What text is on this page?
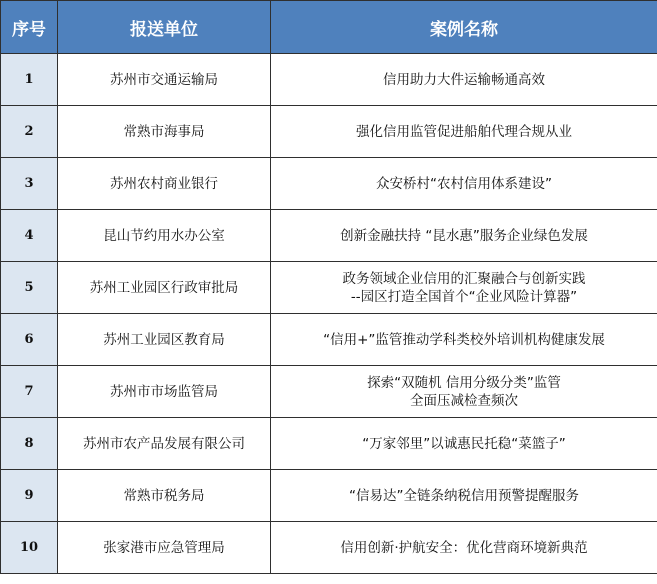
序号	报送单位	案例名称
1	苏州市交通运输局	信用助力大件运输畅通高效

2	常熟市海事局	强化信用监管促进船舶代理合规从业

3	苏州农村商业银行	众安桥村“农村信用体系建设”

4	昆山节约用水办公室	创新金融扶持 “昆水惠”服务企业绿色发展

5	苏州工业园区行政审批局	政务领域企业信用的汇聚融合与创新实践
--园区打造全国首个“企业风险计算器”

6	苏州工业园区教育局	“信用+”监管推动学科类校外培训机构健康发展

7	苏州市市场监管局	探索“双随机 信用分级分类”监管
全面压减检查频次

8	苏州市农产品发展有限公司	“万家邻里”以诚惠民托稳“菜篮子”

9	常熟市税务局	“信易达”全链条纳税信用预警提醒服务

10	张家港市应急管理局	信用创新·护航安全：优化营商环境新典范
